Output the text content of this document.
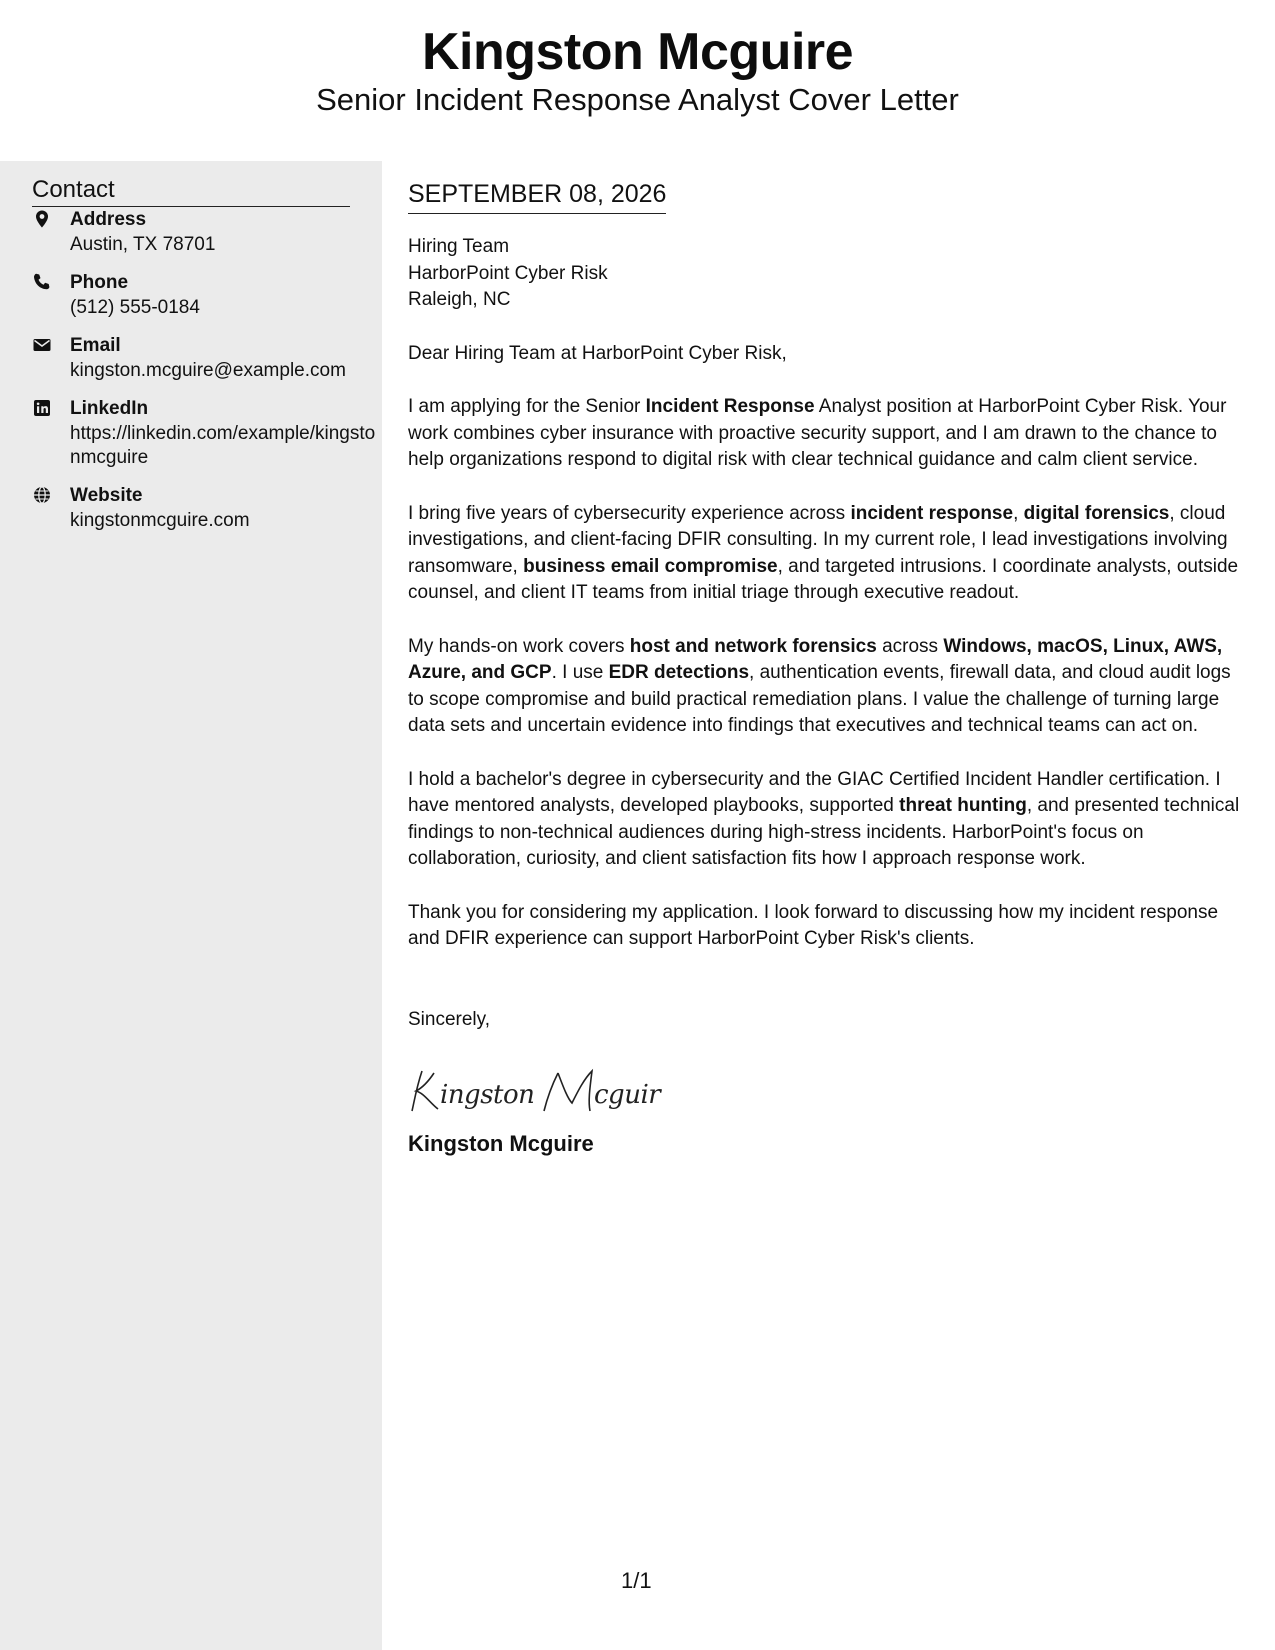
Kingston Mcguire
Senior Incident Response Analyst Cover Letter
Contact
Address
Austin, TX 78701
Phone
(512) 555-0184
Email
kingston.mcguire@example.com
LinkedIn
https://linkedin.com/example/kingstonmcguire
Website
kingstonmcguire.com
SEPTEMBER 08, 2026
Hiring Team
HarborPoint Cyber Risk
Raleigh, NC
Dear Hiring Team at HarborPoint Cyber Risk,
I am applying for the Senior Incident Response Analyst position at HarborPoint Cyber Risk. Your work combines cyber insurance with proactive security support, and I am drawn to the chance to help organizations respond to digital risk with clear technical guidance and calm client service.
I bring five years of cybersecurity experience across incident response, digital forensics, cloud investigations, and client-facing DFIR consulting. In my current role, I lead investigations involving ransomware, business email compromise, and targeted intrusions. I coordinate analysts, outside counsel, and client IT teams from initial triage through executive readout.
My hands-on work covers host and network forensics across Windows, macOS, Linux, AWS, Azure, and GCP. I use EDR detections, authentication events, firewall data, and cloud audit logs to scope compromise and build practical remediation plans. I value the challenge of turning large data sets and uncertain evidence into findings that executives and technical teams can act on.
I hold a bachelor's degree in cybersecurity and the GIAC Certified Incident Handler certification. I have mentored analysts, developed playbooks, supported threat hunting, and presented technical findings to non-technical audiences during high-stress incidents. HarborPoint's focus on collaboration, curiosity, and client satisfaction fits how I approach response work.
Thank you for considering my application. I look forward to discussing how my incident response and DFIR experience can support HarborPoint Cyber Risk's clients.
Sincerely,
ingston cguir
Kingston Mcguire
1/1
